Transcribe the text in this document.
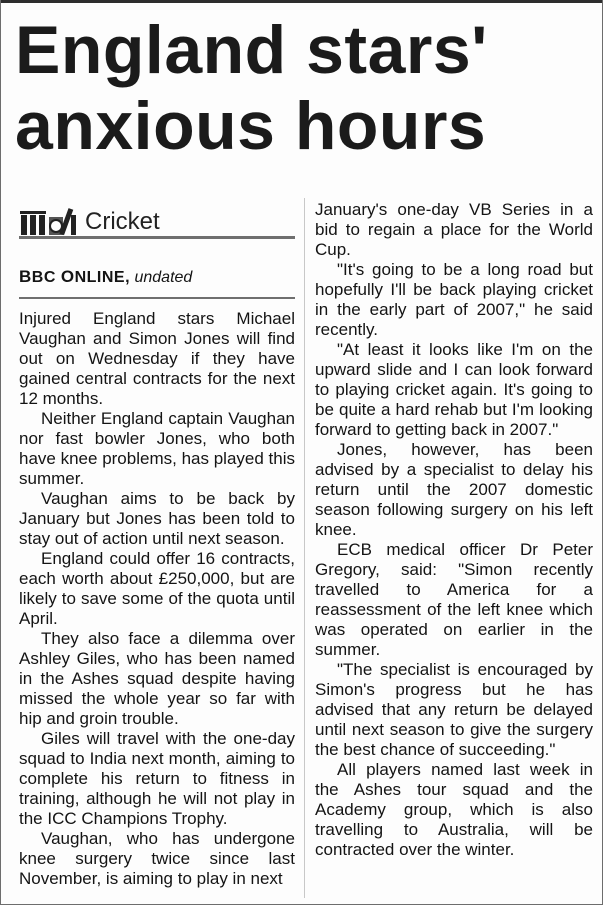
England stars'
anxious hours
Cricket
BBC ONLINE, undated

Injured England stars Michael Vaughan and Simon Jones will find out on Wednesday if they have gained central contracts for the next 12 months.

Neither England captain Vaughan nor fast bowler Jones, who both have knee problems, has played this summer.

Vaughan aims to be back by January but Jones has been told to stay out of action until next season.

England could offer 16 contracts, each worth about £250,000, but are likely to save some of the quota until April.

They also face a dilemma over Ashley Giles, who has been named in the Ashes squad despite having missed the whole year so far with hip and groin trouble.

Giles will travel with the one-day squad to India next month, aiming to complete his return to fitness in training, although he will not play in the ICC Champions Trophy.

Vaughan, who has undergone knee surgery twice since last November, is aiming to play in next

January's one-day VB Series in a bid to regain a place for the World Cup.

"It's going to be a long road but hopefully I'll be back playing cricket in the early part of 2007," he said recently.

"At least it looks like I'm on the upward slide and I can look forward to playing cricket again. It's going to be quite a hard rehab but I'm looking forward to getting back in 2007."

Jones, however, has been advised by a specialist to delay his return until the 2007 domestic season following surgery on his left knee.

ECB medical officer Dr Peter Gregory, said: "Simon recently travelled to America for a reassessment of the left knee which was operated on earlier in the summer.

"The specialist is encouraged by Simon's progress but he has advised that any return be delayed until next season to give the surgery the best chance of succeeding."

All players named last week in the Ashes tour squad and the Academy group, which is also travelling to Australia, will be contracted over the winter.
